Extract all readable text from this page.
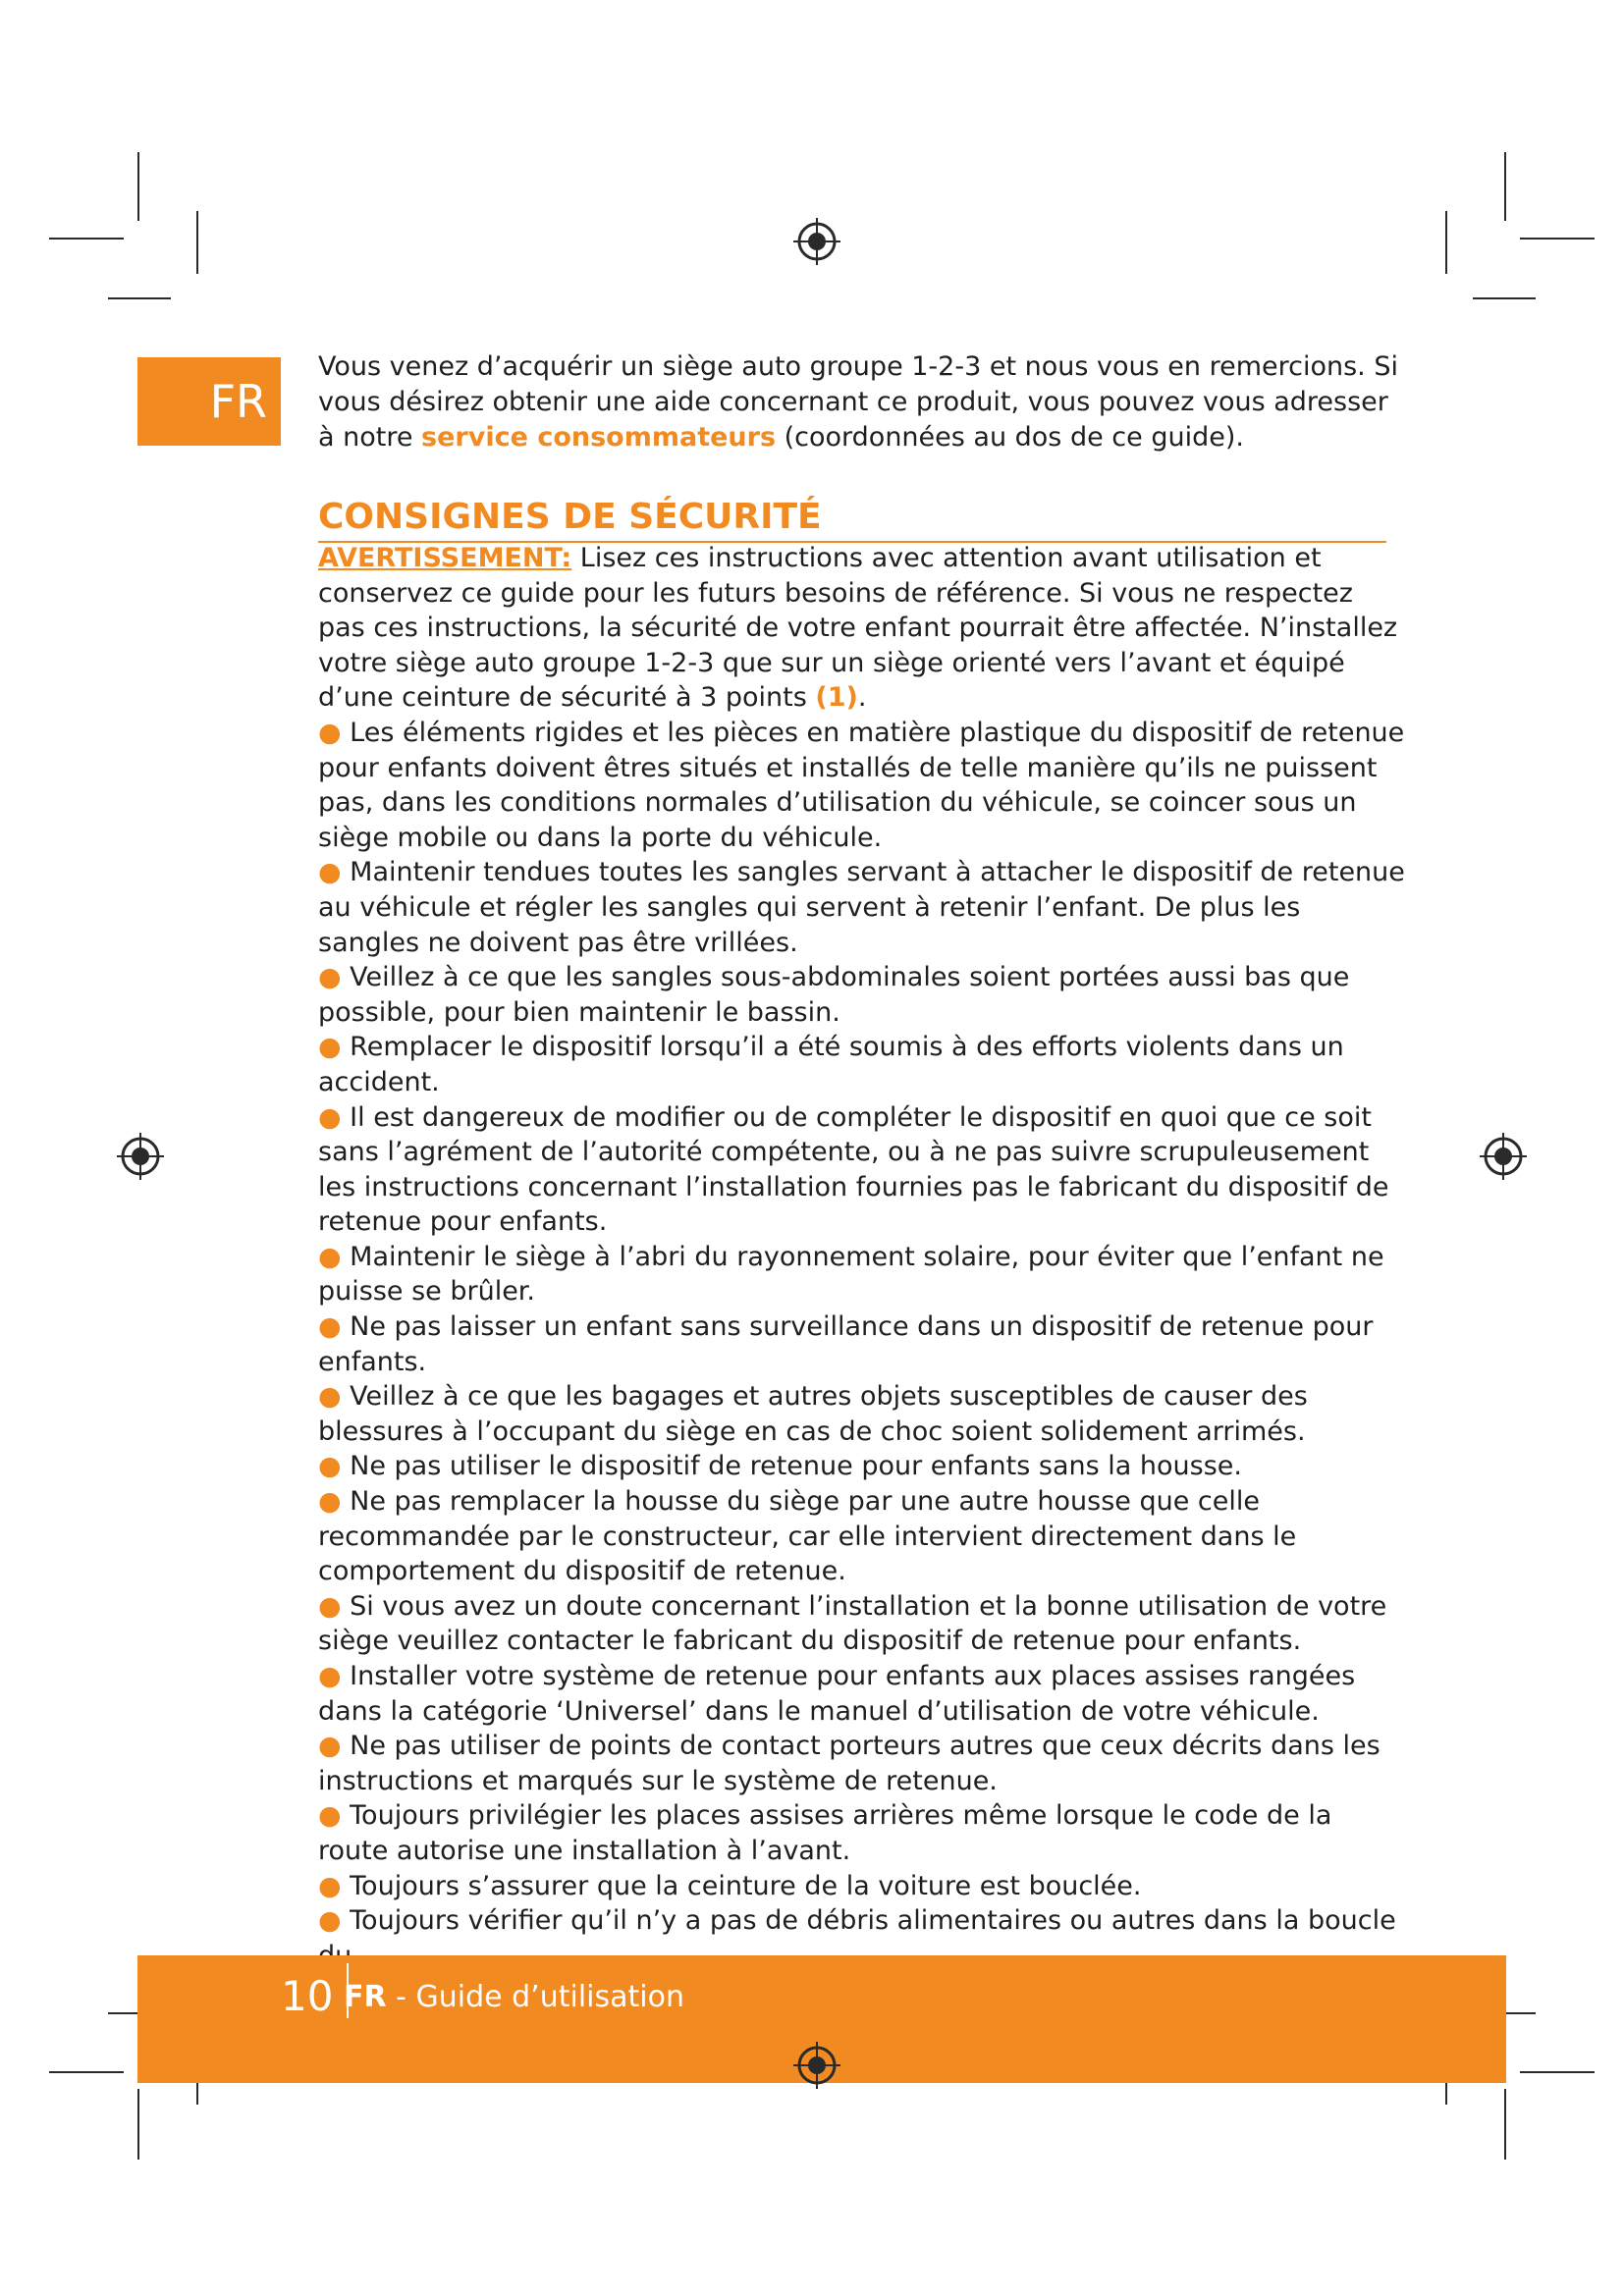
FR
Vous venez d’acquérir un siège auto groupe 1-2-3 et nous vous en remercions. Si vous désirez obtenir une aide concernant ce produit, vous pouvez vous adresser à notre service consommateurs (coordonnées au dos de ce guide).
CONSIGNES DE SÉCURITÉ

AVERTISSEMENT: Lisez ces instructions avec attention avant utilisation et conservez ce guide pour les futurs besoins de référence. Si vous ne respectez pas ces instructions, la sécurité de votre enfant pourrait être affectée. N’installez votre siège auto groupe 1-2-3 que sur un siège orienté vers l’avant et équipé d’une ceinture de sécurité à 3 points (1).

● Les éléments rigides et les pièces en matière plastique du dispositif de retenue pour enfants doivent êtres situés et installés de telle manière qu’ils ne puissent pas, dans les conditions normales d’utilisation du véhicule, se coincer sous un siège mobile ou dans la porte du véhicule.

● Maintenir tendues toutes les sangles servant à attacher le dispositif de retenue au véhicule et régler les sangles qui servent à retenir l’enfant. De plus les sangles ne doivent pas être vrillées.

● Veillez à ce que les sangles sous-abdominales soient portées aussi bas que possible, pour bien maintenir le bassin.

● Remplacer le dispositif lorsqu’il a été soumis à des efforts violents dans un accident.

● Il est dangereux de modifier ou de compléter le dispositif en quoi que ce soit sans l’agrément de l’autorité compétente, ou à ne pas suivre scrupuleusement les instructions concernant l’installation fournies pas le fabricant du dispositif de retenue pour enfants.

● Maintenir le siège à l’abri du rayonnement solaire, pour éviter que l’enfant ne puisse se brûler.

● Ne pas laisser un enfant sans surveillance dans un dispositif de retenue pour enfants.

● Veillez à ce que les bagages et autres objets susceptibles de causer des blessures à l’occupant du siège en cas de choc soient solidement arrimés.

● Ne pas utiliser le dispositif de retenue pour enfants sans la housse.

● Ne pas remplacer la housse du siège par une autre housse que celle recommandée par le constructeur, car elle intervient directement dans le comportement du dispositif de retenue.

● Si vous avez un doute concernant l’installation et la bonne utilisation de votre siège veuillez contacter le fabricant du dispositif de retenue pour enfants.

● Installer votre système de retenue pour enfants aux places assises rangées dans la catégorie ‘Universel’ dans le manuel d’utilisation de votre véhicule.

● Ne pas utiliser de points de contact porteurs autres que ceux décrits dans les instructions et marqués sur le système de retenue.

● Toujours privilégier les places assises arrières même lorsque le code de la route autorise une installation à l’avant.

● Toujours s’assurer que la ceinture de la voiture est bouclée.

● Toujours vérifier qu’il n’y a pas de débris alimentaires ou autres dans la boucle

10 FR - Guide d’utilisation
